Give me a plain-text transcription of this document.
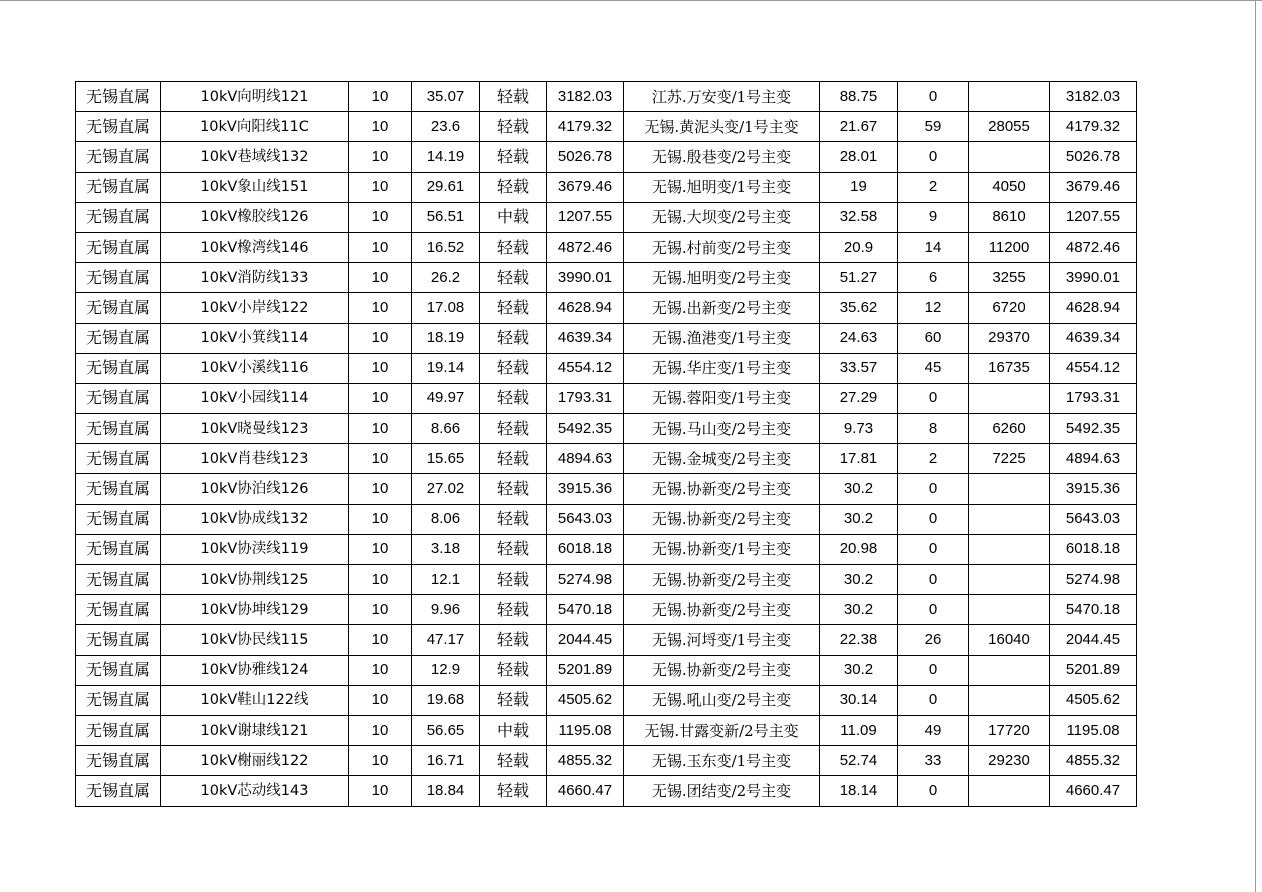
无锡直属	10kV向明线121	10	35.07	轻载	3182.03	江苏.万安变/1号主变	88.75	0		3182.03
无锡直属	10kV向阳线11C	10	23.6	轻载	4179.32	无锡.黄泥头变/1号主变	21.67	59	28055	4179.32
无锡直属	10kV巷域线132	10	14.19	轻载	5026.78	无锡.殷巷变/2号主变	28.01	0		5026.78
无锡直属	10kV象山线151	10	29.61	轻载	3679.46	无锡.旭明变/1号主变	19	2	4050	3679.46
无锡直属	10kV橡胶线126	10	56.51	中载	1207.55	无锡.大坝变/2号主变	32.58	9	8610	1207.55
无锡直属	10kV橡湾线146	10	16.52	轻载	4872.46	无锡.村前变/2号主变	20.9	14	11200	4872.46
无锡直属	10kV消防线133	10	26.2	轻载	3990.01	无锡.旭明变/2号主变	51.27	6	3255	3990.01
无锡直属	10kV小岸线122	10	17.08	轻载	4628.94	无锡.出新变/2号主变	35.62	12	6720	4628.94
无锡直属	10kV小箕线114	10	18.19	轻载	4639.34	无锡.渔港变/1号主变	24.63	60	29370	4639.34
无锡直属	10kV小溪线116	10	19.14	轻载	4554.12	无锡.华庄变/1号主变	33.57	45	16735	4554.12
无锡直属	10kV小园线114	10	49.97	轻载	1793.31	无锡.蓉阳变/1号主变	27.29	0		1793.31
无锡直属	10kV晓曼线123	10	8.66	轻载	5492.35	无锡.马山变/2号主变	9.73	8	6260	5492.35
无锡直属	10kV肖巷线123	10	15.65	轻载	4894.63	无锡.金城变/2号主变	17.81	2	7225	4894.63
无锡直属	10kV协泊线126	10	27.02	轻载	3915.36	无锡.协新变/2号主变	30.2	0		3915.36
无锡直属	10kV协成线132	10	8.06	轻载	5643.03	无锡.协新变/2号主变	30.2	0		5643.03
无锡直属	10kV协渎线119	10	3.18	轻载	6018.18	无锡.协新变/1号主变	20.98	0		6018.18
无锡直属	10kV协荆线125	10	12.1	轻载	5274.98	无锡.协新变/2号主变	30.2	0		5274.98
无锡直属	10kV协坤线129	10	9.96	轻载	5470.18	无锡.协新变/2号主变	30.2	0		5470.18
无锡直属	10kV协民线115	10	47.17	轻载	2044.45	无锡.河埒变/1号主变	22.38	26	16040	2044.45
无锡直属	10kV协雅线124	10	12.9	轻载	5201.89	无锡.协新变/2号主变	30.2	0		5201.89
无锡直属	10kV鞋山122线	10	19.68	轻载	4505.62	无锡.吼山变/2号主变	30.14	0		4505.62
无锡直属	10kV谢埭线121	10	56.65	中载	1195.08	无锡.甘露变新/2号主变	11.09	49	17720	1195.08
无锡直属	10kV榭丽线122	10	16.71	轻载	4855.32	无锡.玉东变/1号主变	52.74	33	29230	4855.32
无锡直属	10kV芯动线143	10	18.84	轻载	4660.47	无锡.团结变/2号主变	18.14	0		4660.47
